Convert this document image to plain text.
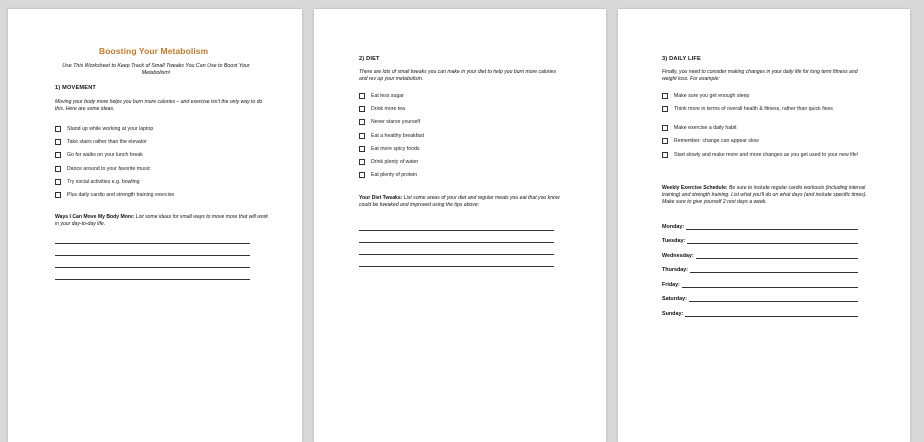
Boosting Your Metabolism
Use This Worksheet to Keep Track of Small Tweaks You Can Use to Boost Your Metabolism!
1) MOVEMENT
Moving your body more helps you burn more calories – and exercise isn't the only way to do this. Here are some ideas.
Stand up while working at your laptop
Take stairs rather than the elevator
Go for walks on your lunch break
Dance around to your favorite music
Try social activities e.g. bowling
Plus daily cardio and strength training exercise
Ways I Can Move My Body More: List some ideas for small ways to move more that will work in your day-to-day life.
2) DIET
There are lots of small tweaks you can make in your diet to help you burn more calories and rev up your metabolism.
Eat less sugar
Drink more tea
Never starve yourself
Eat a healthy breakfast
Eat more spicy foods
Drink plenty of water
Eat plenty of protein
Your Diet Tweaks: List some areas of your diet and regular meals you eat that you know could be tweaked and improved using the tips above:
3) DAILY LIFE
Finally, you need to consider making changes in your daily life for long term fitness and weight loss. For example:
Make sure you get enough sleep
Think more in terms of overall health & fitness, rather than quick fixes
Make exercise a daily habit
Remember: change can appear slow
Start slowly and make more and more changes as you get used to your new life!
Weekly Exercise Schedule: Be sure to include regular cardio workouts (including interval training) and strength training. List what you'll do on what days (and include specific times). Make sure to give yourself 2 rest days a week.
Monday:
Tuesday:
Wednesday:
Thursday:
Friday:
Saturday:
Sunday:
